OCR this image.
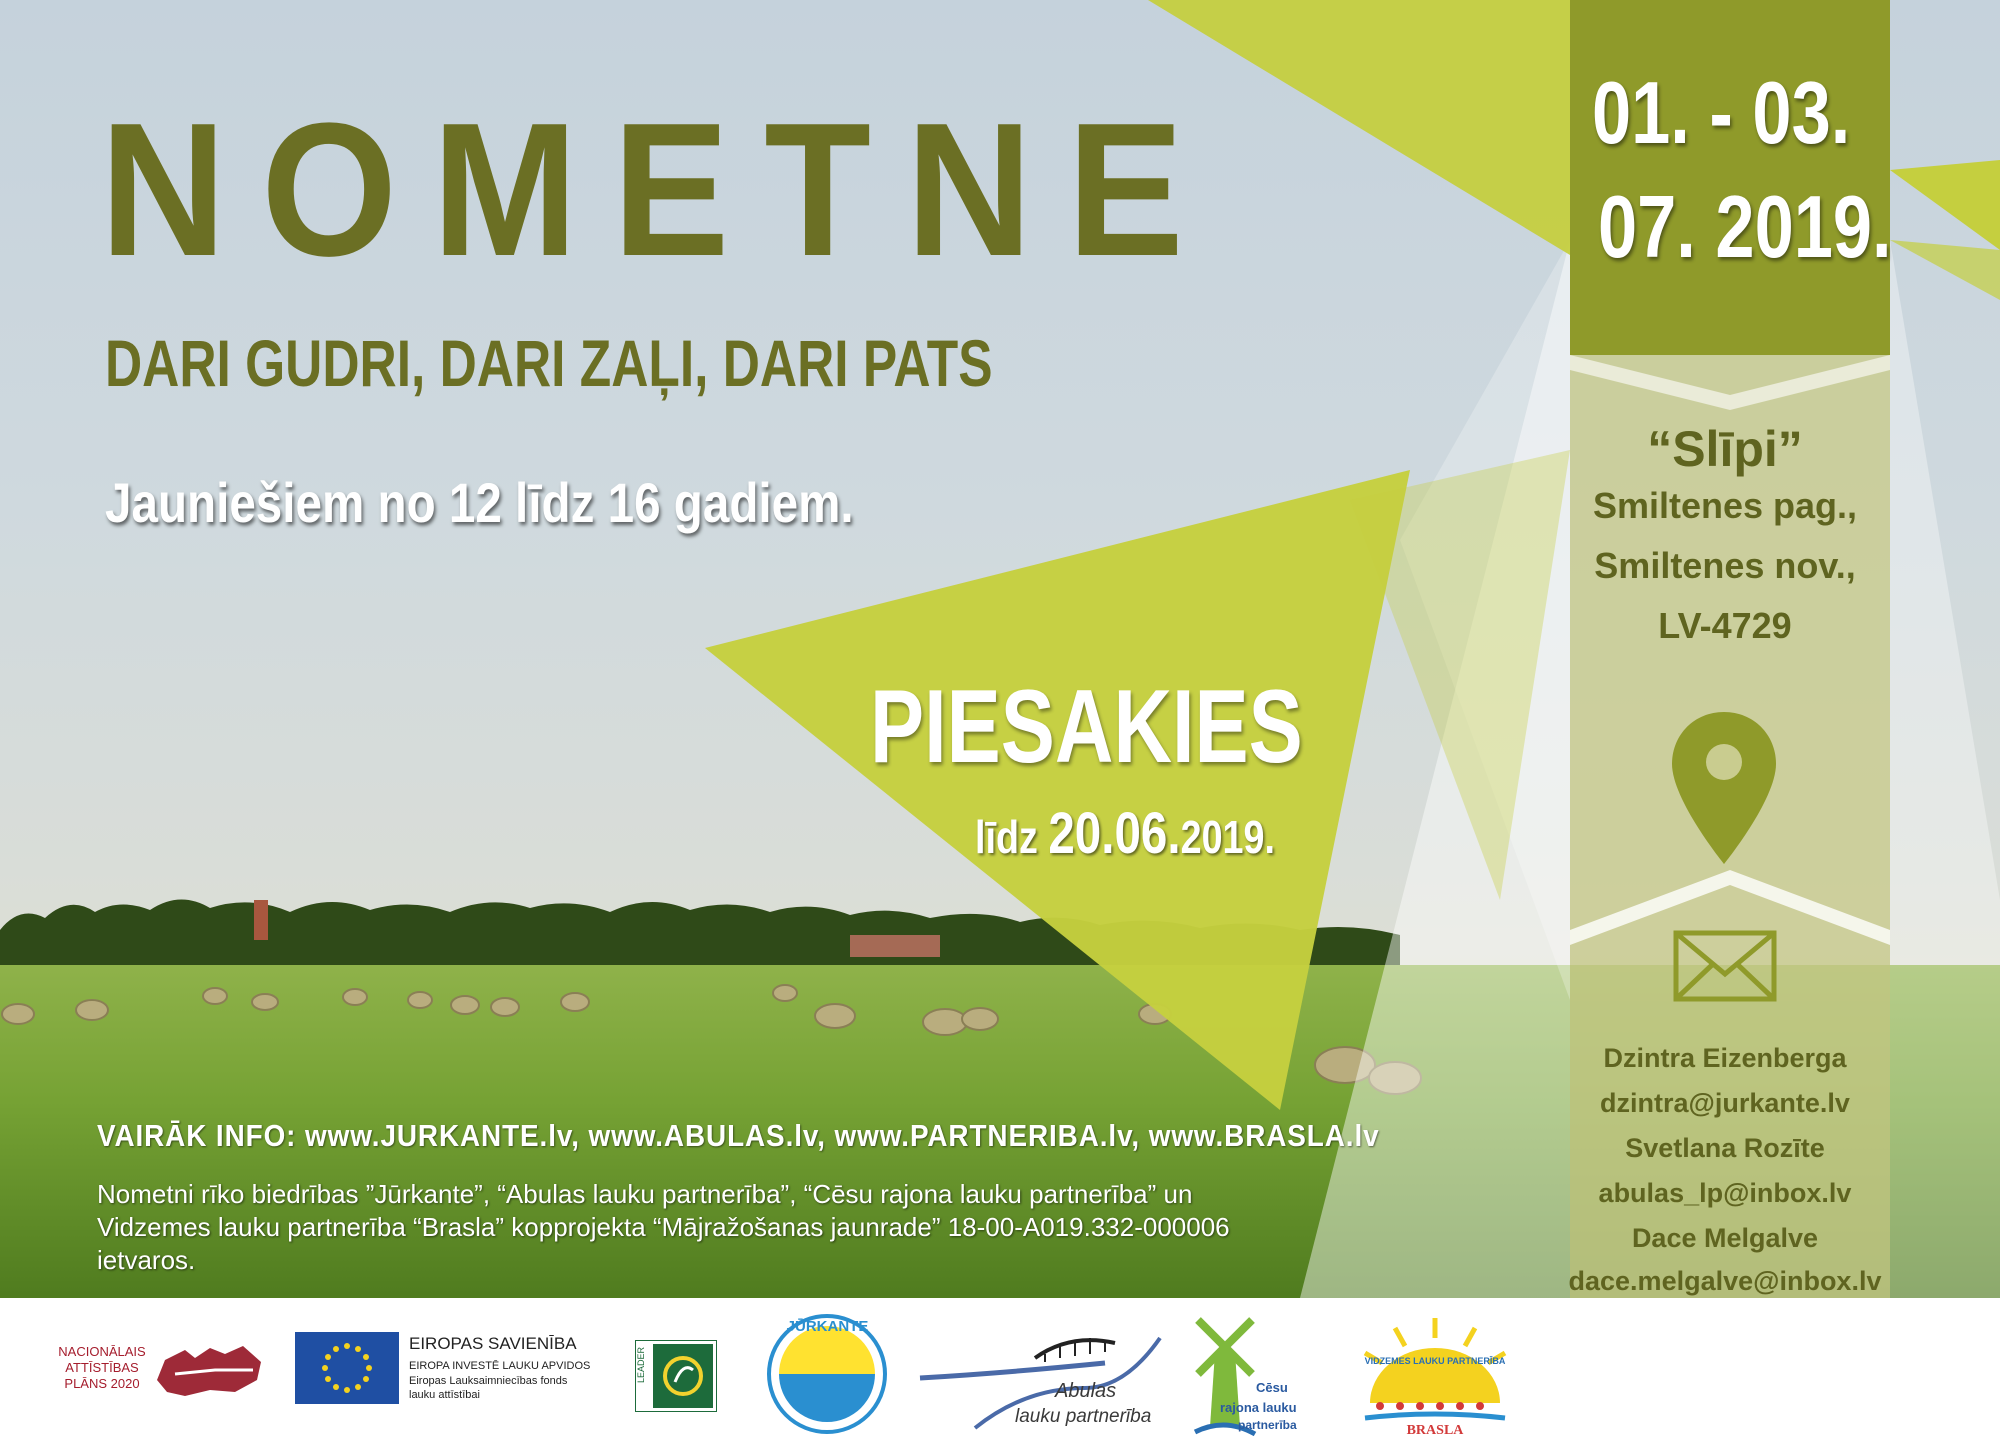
NOMETNE
DARI GUDRI, DARI ZAĻI, DARI PATS
Jauniešiem no 12 līdz 16 gadiem.
PIESAKIES
līdz 20.06.2019.
01. - 03.
07. 2019.
“Slīpi”
Smiltenes pag.,
Smiltenes nov.,
LV-4729
Dzintra Eizenberga
dzintra@jurkante.lv
Svetlana Rozīte
abulas_lp@inbox.lv
Dace Melgalve
dace.melgalve@inbox.lv
VAIRĀK INFO: www.JURKANTE.lv, www.ABULAS.lv, www.PARTNERIBA.lv, www.BRASLA.lv
Nometni rīko biedrības ”Jūrkante”, “Abulas lauku partnerība”, “Cēsu rajona lauku partnerība” un Vidzemes lauku partnerība “Brasla” kopprojekta “Mājražošanas jaunrade” 18-00-A019.332-000006 ietvaros.
NACIONĀLAIS
ATTĪSTĪBAS
PLĀNS 2020
EIROPAS SAVIENĪBA
EIROPA INVESTĒ LAUKU APVIDOS
Eiropas Lauksaimniecības fonds
lauku attīstībai
JŪRKANTE
Abulas
lauku partnerība
Cēsu
rajona lauku
partnerība
VIDZEMES LAUKU PARTNERĪBA
BRASLA
